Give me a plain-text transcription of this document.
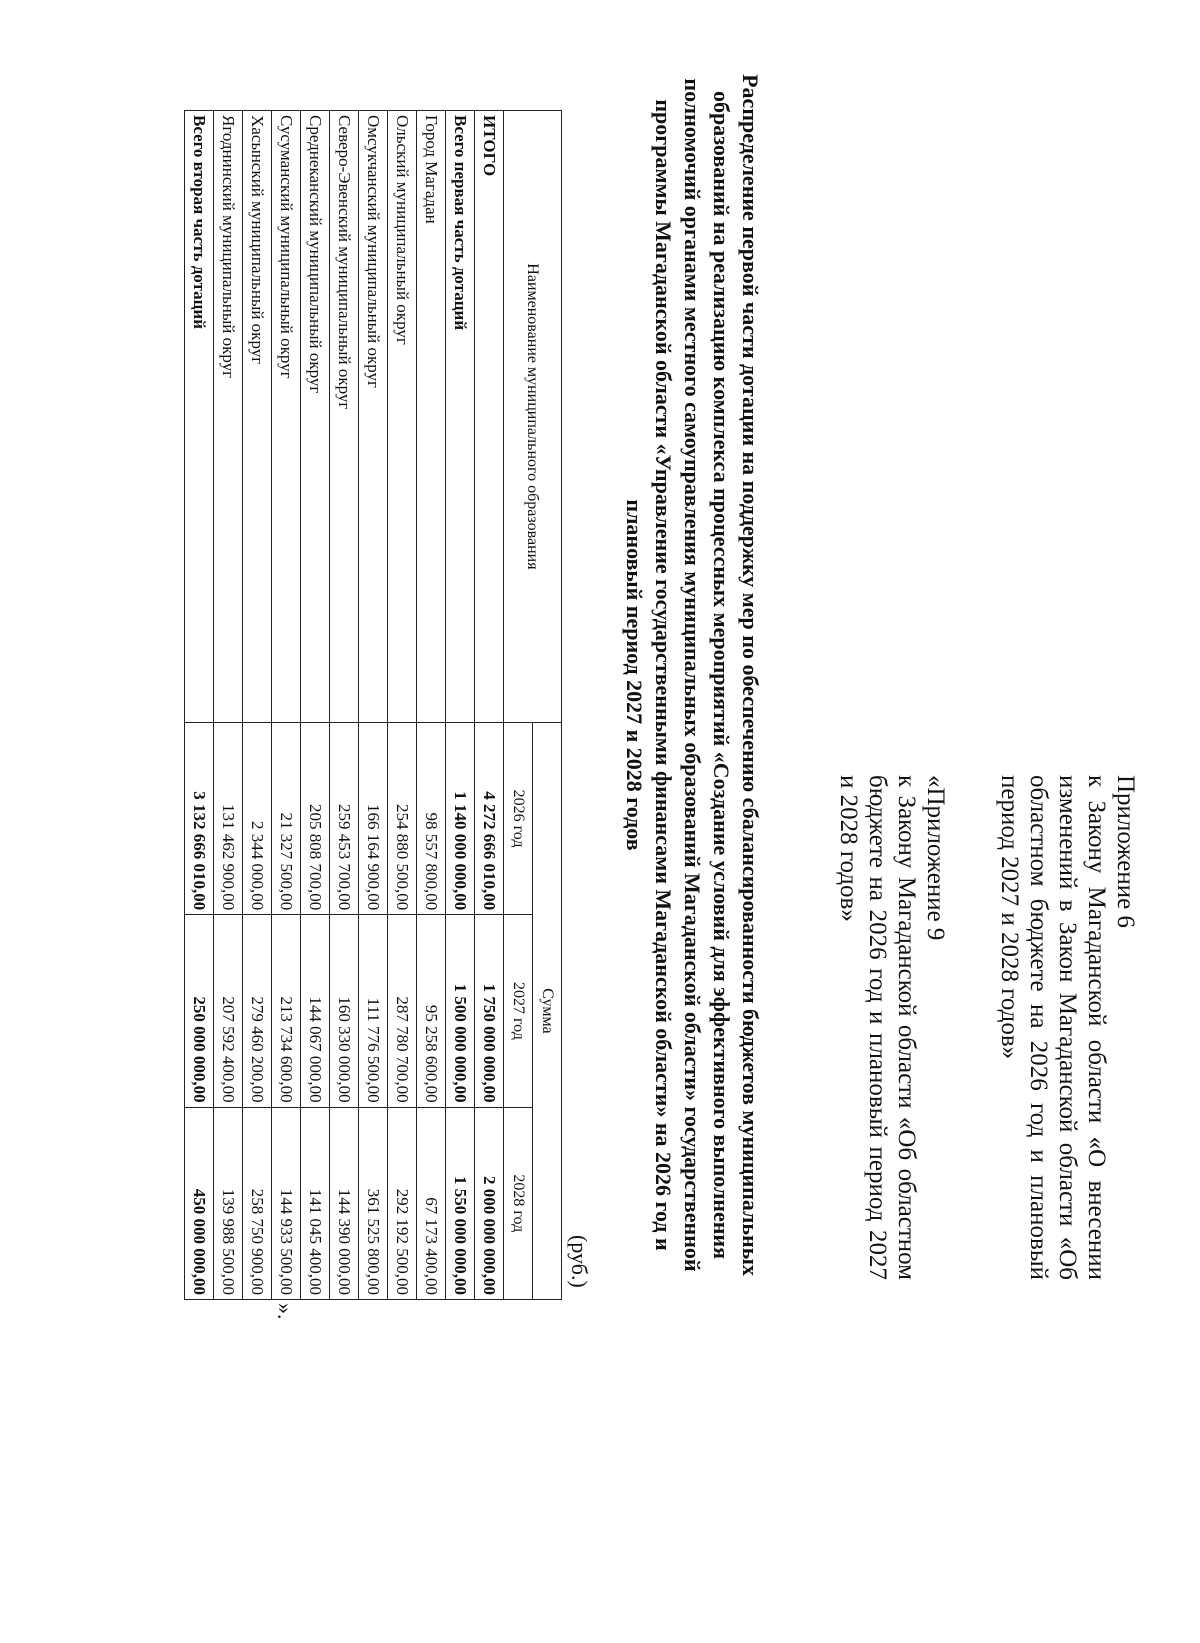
Приложение 6

к Закону Магаданской области «О внесении изменений в Закон Магаданской области «Об областном бюджете на 2026 год и плановый период 2027 и 2028 годов»

«Приложение 9

к Закону Магаданской области «Об областном бюджете на 2026 год и плановый период 2027 и 2028 годов»

Распределение первой части дотации на поддержку мер по обеспечению сбалансированности бюджетов муниципальных образований на реализацию комплекса процессных мероприятий «Создание условий для эффективного выполнения полномочий органами местного самоуправления муниципальных образований Магаданской области» государственной программы Магаданской области «Управление государственными финансами Магаданской области» на 2026 год и плановый период 2027 и 2028 годов
(руб.)
Наименование муниципального образования	Сумма		
	2026 год	2027 год	2028 год
ИТОГО	4 272 666 010,00	1 750 000 000,00	2 000 000 000,00
Всего первая часть дотаций	1 140 000 000,00	1 500 000 000,00	1 550 000 000,00
Город Магадан	98 557 800,00	95 258 600,00	67 173 400,00
Ольский муниципальный округ	254 880 500,00	287 780 700,00	292 192 500,00
Омсукчанский муниципальный округ	166 164 900,00	111 776 500,00	361 525 800,00
Северо-Эвенский муниципальный округ	259 453 700,00	160 330 000,00	144 390 000,00
Среднеканский муниципальный округ	205 808 700,00	144 067 000,00	141 045 400,00
Сусуманский муниципальный округ	21 327 500,00	213 734 600,00	144 933 500,00
Хасынский муниципальный округ	2 344 000,00	279 460 200,00	258 750 900,00
Ягоднинский муниципальный округ	131 462 900,00	207 592 400,00	139 988 500,00
Всего вторая часть дотаций	3 132 666 010,00	250 000 000,00	450 000 000,00
».
